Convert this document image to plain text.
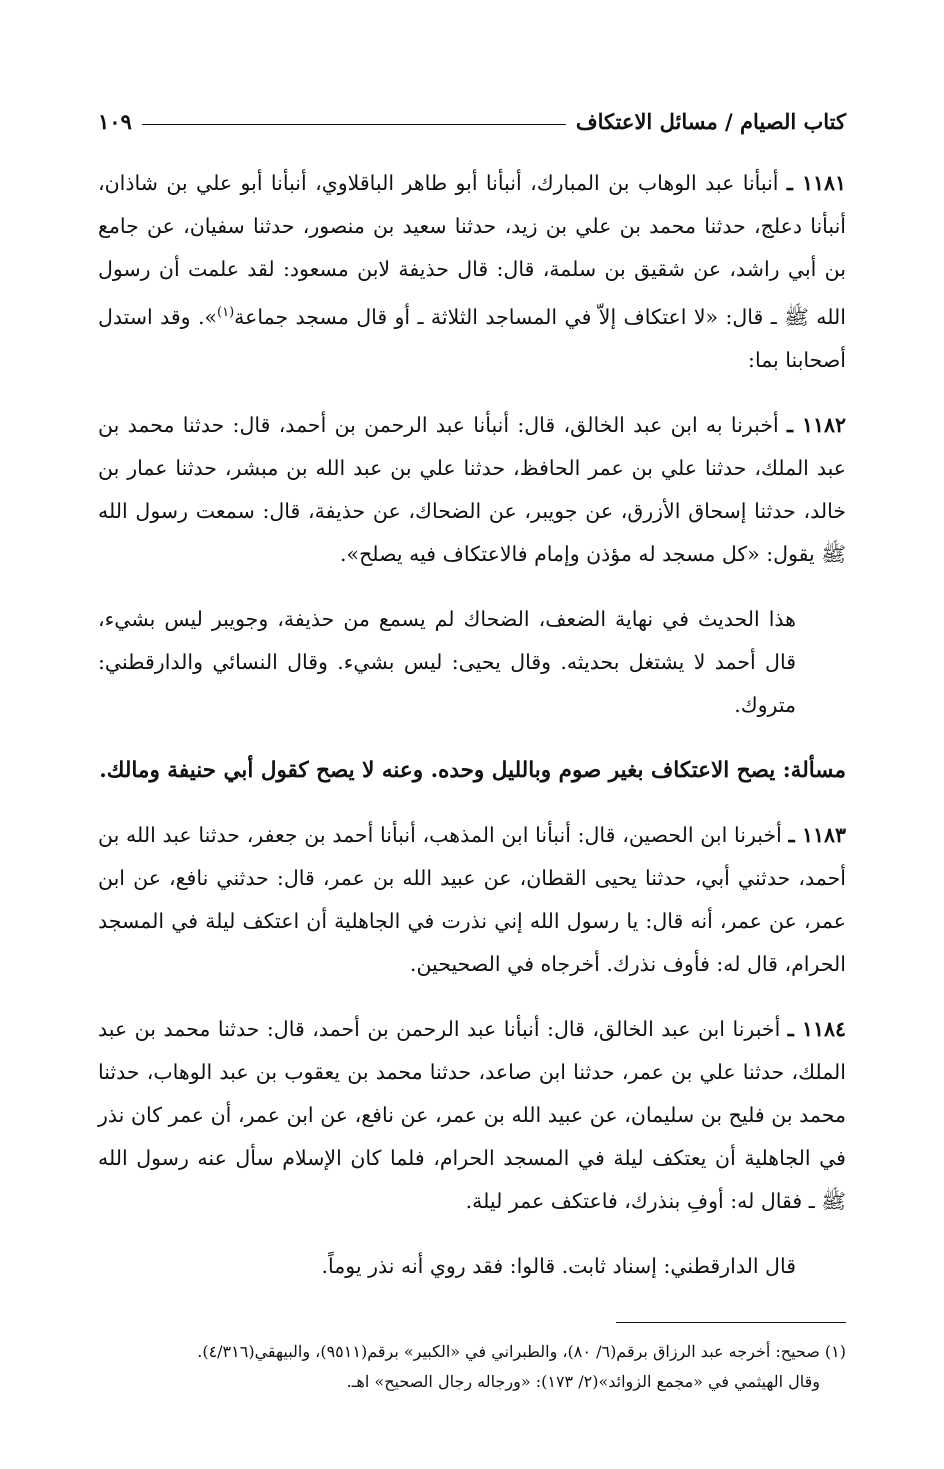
كتاب الصيام / مسائل الاعتكاف
١٠٩

١١٨١ ـ أنبأنا عبد الوهاب بن المبارك، أنبأنا أبو طاهر الباقلاوي، أنبأنا أبو علي بن شاذان، أنبأنا دعلج، حدثنا محمد بن علي بن زيد، حدثنا سعيد بن منصور، حدثنا سفيان، عن جامع بن أبي راشد، عن شقيق بن سلمة، قال: قال حذيفة لابن مسعود: لقد علمت أن رسول الله ﷺ ـ قال: «لا اعتكاف إلاّ في المساجد الثلاثة ـ أو قال مسجد جماعة$^{(١)}$». وقد استدل أصحابنا بما:

١١٨٢ ـ أخبرنا به ابن عبد الخالق، قال: أنبأنا عبد الرحمن بن أحمد، قال: حدثنا محمد بن عبد الملك، حدثنا علي بن عمر الحافظ، حدثنا علي بن عبد الله بن مبشر، حدثنا عمار بن خالد، حدثنا إسحاق الأزرق، عن جويبر، عن الضحاك، عن حذيفة، قال: سمعت رسول الله ﷺ يقول: «كل مسجد له مؤذن وإمام فالاعتكاف فيه يصلح».

هذا الحديث في نهاية الضعف، الضحاك لم يسمع من حذيفة، وجويبر ليس بشيء، قال أحمد لا يشتغل بحديثه. وقال يحيى: ليس بشيء. وقال النسائي والدارقطني: متروك.

مسألة: يصح الاعتكاف بغير صوم وبالليل وحده. وعنه لا يصح كقول أبي حنيفة ومالك.

١١٨٣ ـ أخبرنا ابن الحصين، قال: أنبأنا ابن المذهب، أنبأنا أحمد بن جعفر، حدثنا عبد الله بن أحمد، حدثني أبي، حدثنا يحيى القطان، عن عبيد الله بن عمر، قال: حدثني نافع، عن ابن عمر، عن عمر، أنه قال: يا رسول الله إني نذرت في الجاهلية أن اعتكف ليلة في المسجد الحرام، قال له: فأوف نذرك. أخرجاه في الصحيحين.

١١٨٤ ـ أخبرنا ابن عبد الخالق، قال: أنبأنا عبد الرحمن بن أحمد، قال: حدثنا محمد بن عبد الملك، حدثنا علي بن عمر، حدثنا ابن صاعد، حدثنا محمد بن يعقوب بن عبد الوهاب، حدثنا محمد بن فليح بن سليمان، عن عبيد الله بن عمر، عن نافع، عن ابن عمر، أن عمر كان نذر في الجاهلية أن يعتكف ليلة في المسجد الحرام، فلما كان الإسلام سأل عنه رسول الله ﷺ ـ فقال له: أوفِ بنذرك، فاعتكف عمر ليلة.

قال الدارقطني: إسناد ثابت. قالوا: فقد روي أنه نذر يوماً.

(١) صحيح: أخرجه عبد الرزاق برقم(٦/ ٨٠)، والطبراني في «الكبير» برقم(٩٥١١)، والبيهقي(٤/٣١٦).

وقال الهيثمي في «مجمع الزوائد»(٢/ ١٧٣): «ورجاله رجال الصحيح» اهـ.
